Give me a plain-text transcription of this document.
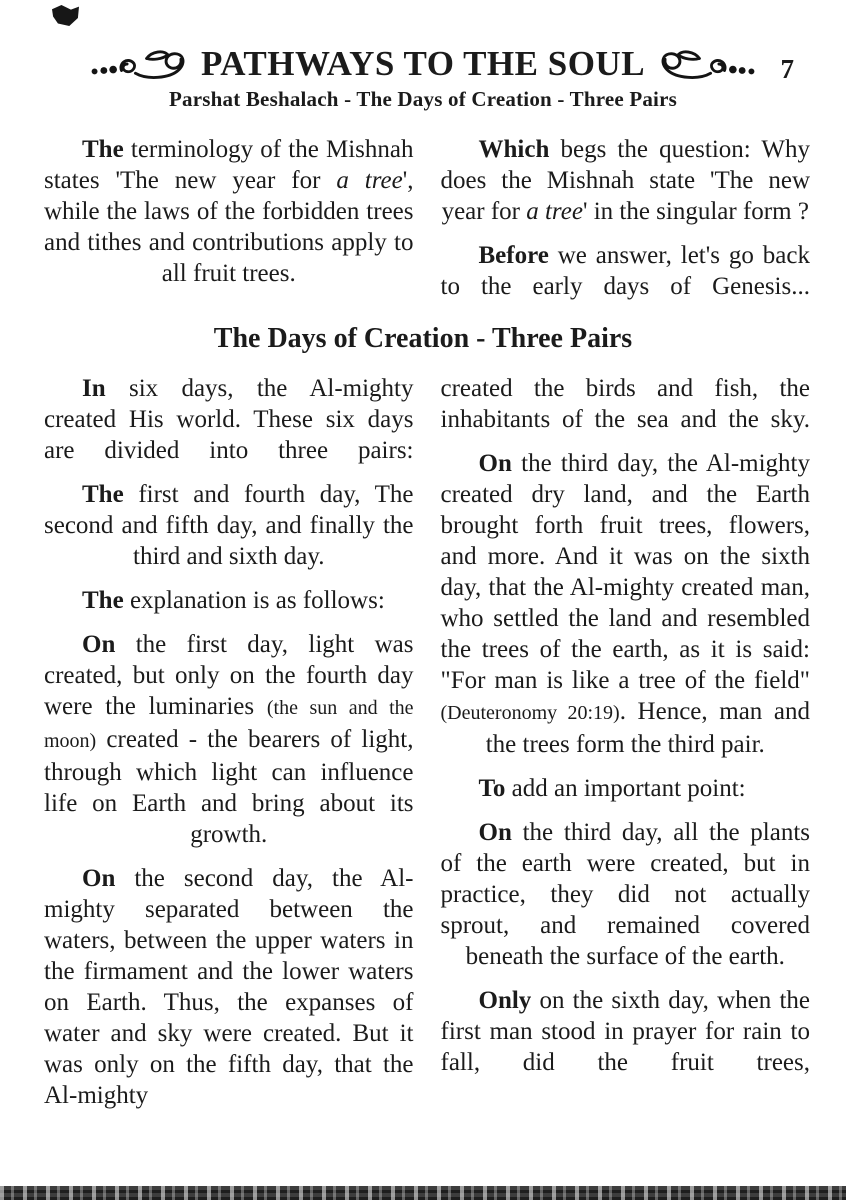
PATHWAYS TO THE SOUL	7
Parshat Beshalach - The Days of Creation - Three Pairs

The terminology of the Mishnah states 'The new year for a tree', while the laws of the forbidden trees and tithes and contributions apply to all fruit trees.

Which begs the question: Why does the Mishnah state 'The new year for a tree' in the singular form ?

Before we answer, let's go back to the early days of Genesis...

The Days of Creation - Three Pairs

In six days, the Al-mighty created His world. These six days are divided into three pairs:

The first and fourth day, The second and fifth day, and finally the third and sixth day.

The explanation is as follows:

On the first day, light was created, but only on the fourth day were the luminaries (the sun and the moon) created - the bearers of light, through which light can influence life on Earth and bring about its growth.

On the second day, the Al-mighty separated between the waters, between the upper waters in the firmament and the lower waters on Earth. Thus, the expanses of water and sky were created. But it was only on the fifth day, that the Al-mighty

created the birds and fish, the inhabitants of the sea and the sky.

On the third day, the Al-mighty created dry land, and the Earth brought forth fruit trees, flowers, and more. And it was on the sixth day, that the Al-mighty created man, who settled the land and resembled the trees of the earth, as it is said: "For man is like a tree of the field" (Deuteronomy 20:19). Hence, man and the trees form the third pair.

To add an important point:

On the third day, all the plants of the earth were created, but in practice, they did not actually sprout, and remained covered beneath the surface of the earth.

Only on the sixth day, when the first man stood in prayer for rain to fall, did the fruit trees,
